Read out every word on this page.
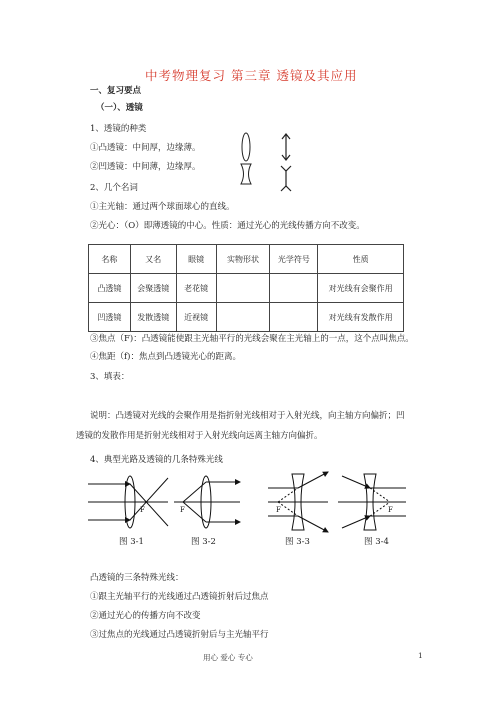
中考物理复习 第三章 透镜及其应用
一、复习要点
（一）、透镜
1、透镜的种类
①凸透镜：中间厚，边缘薄。
②凹透镜：中间薄，边缘厚。
2、几个名词
①主光轴：通过两个球面球心的直线。
②光心：（O）即薄透镜的中心。性质：通过光心的光线传播方向不改变。
名称	又名	眼镜	实物形状	光学符号	性质
凸透镜	会聚透镜	老花镜			对光线有会聚作用
凹透镜	发散透镜	近视镜			对光线有发散作用
③焦点（F)：凸透镜能使跟主光轴平行的光线会聚在主光轴上的一点，这个点叫焦点。
④焦距（f)：焦点到凸透镜光心的距离。
3、填表：
说明：凸透镜对光线的会聚作用是指折射光线相对于入射光线，向主轴方向偏折；凹
透镜的发散作用是折射光线相对于入射光线向远离主轴方向偏折。
4、典型光路及透镜的几条特殊光线
F	F	F	F
图 3-1	图 3-2	图 3-3	图 3-4
凸透镜的三条特殊光线：
①跟主光轴平行的光线通过凸透镜折射后过焦点
②通过光心的传播方向不改变
③过焦点的光线通过凸透镜折射后与主光轴平行
用心 爱心 专心	1
